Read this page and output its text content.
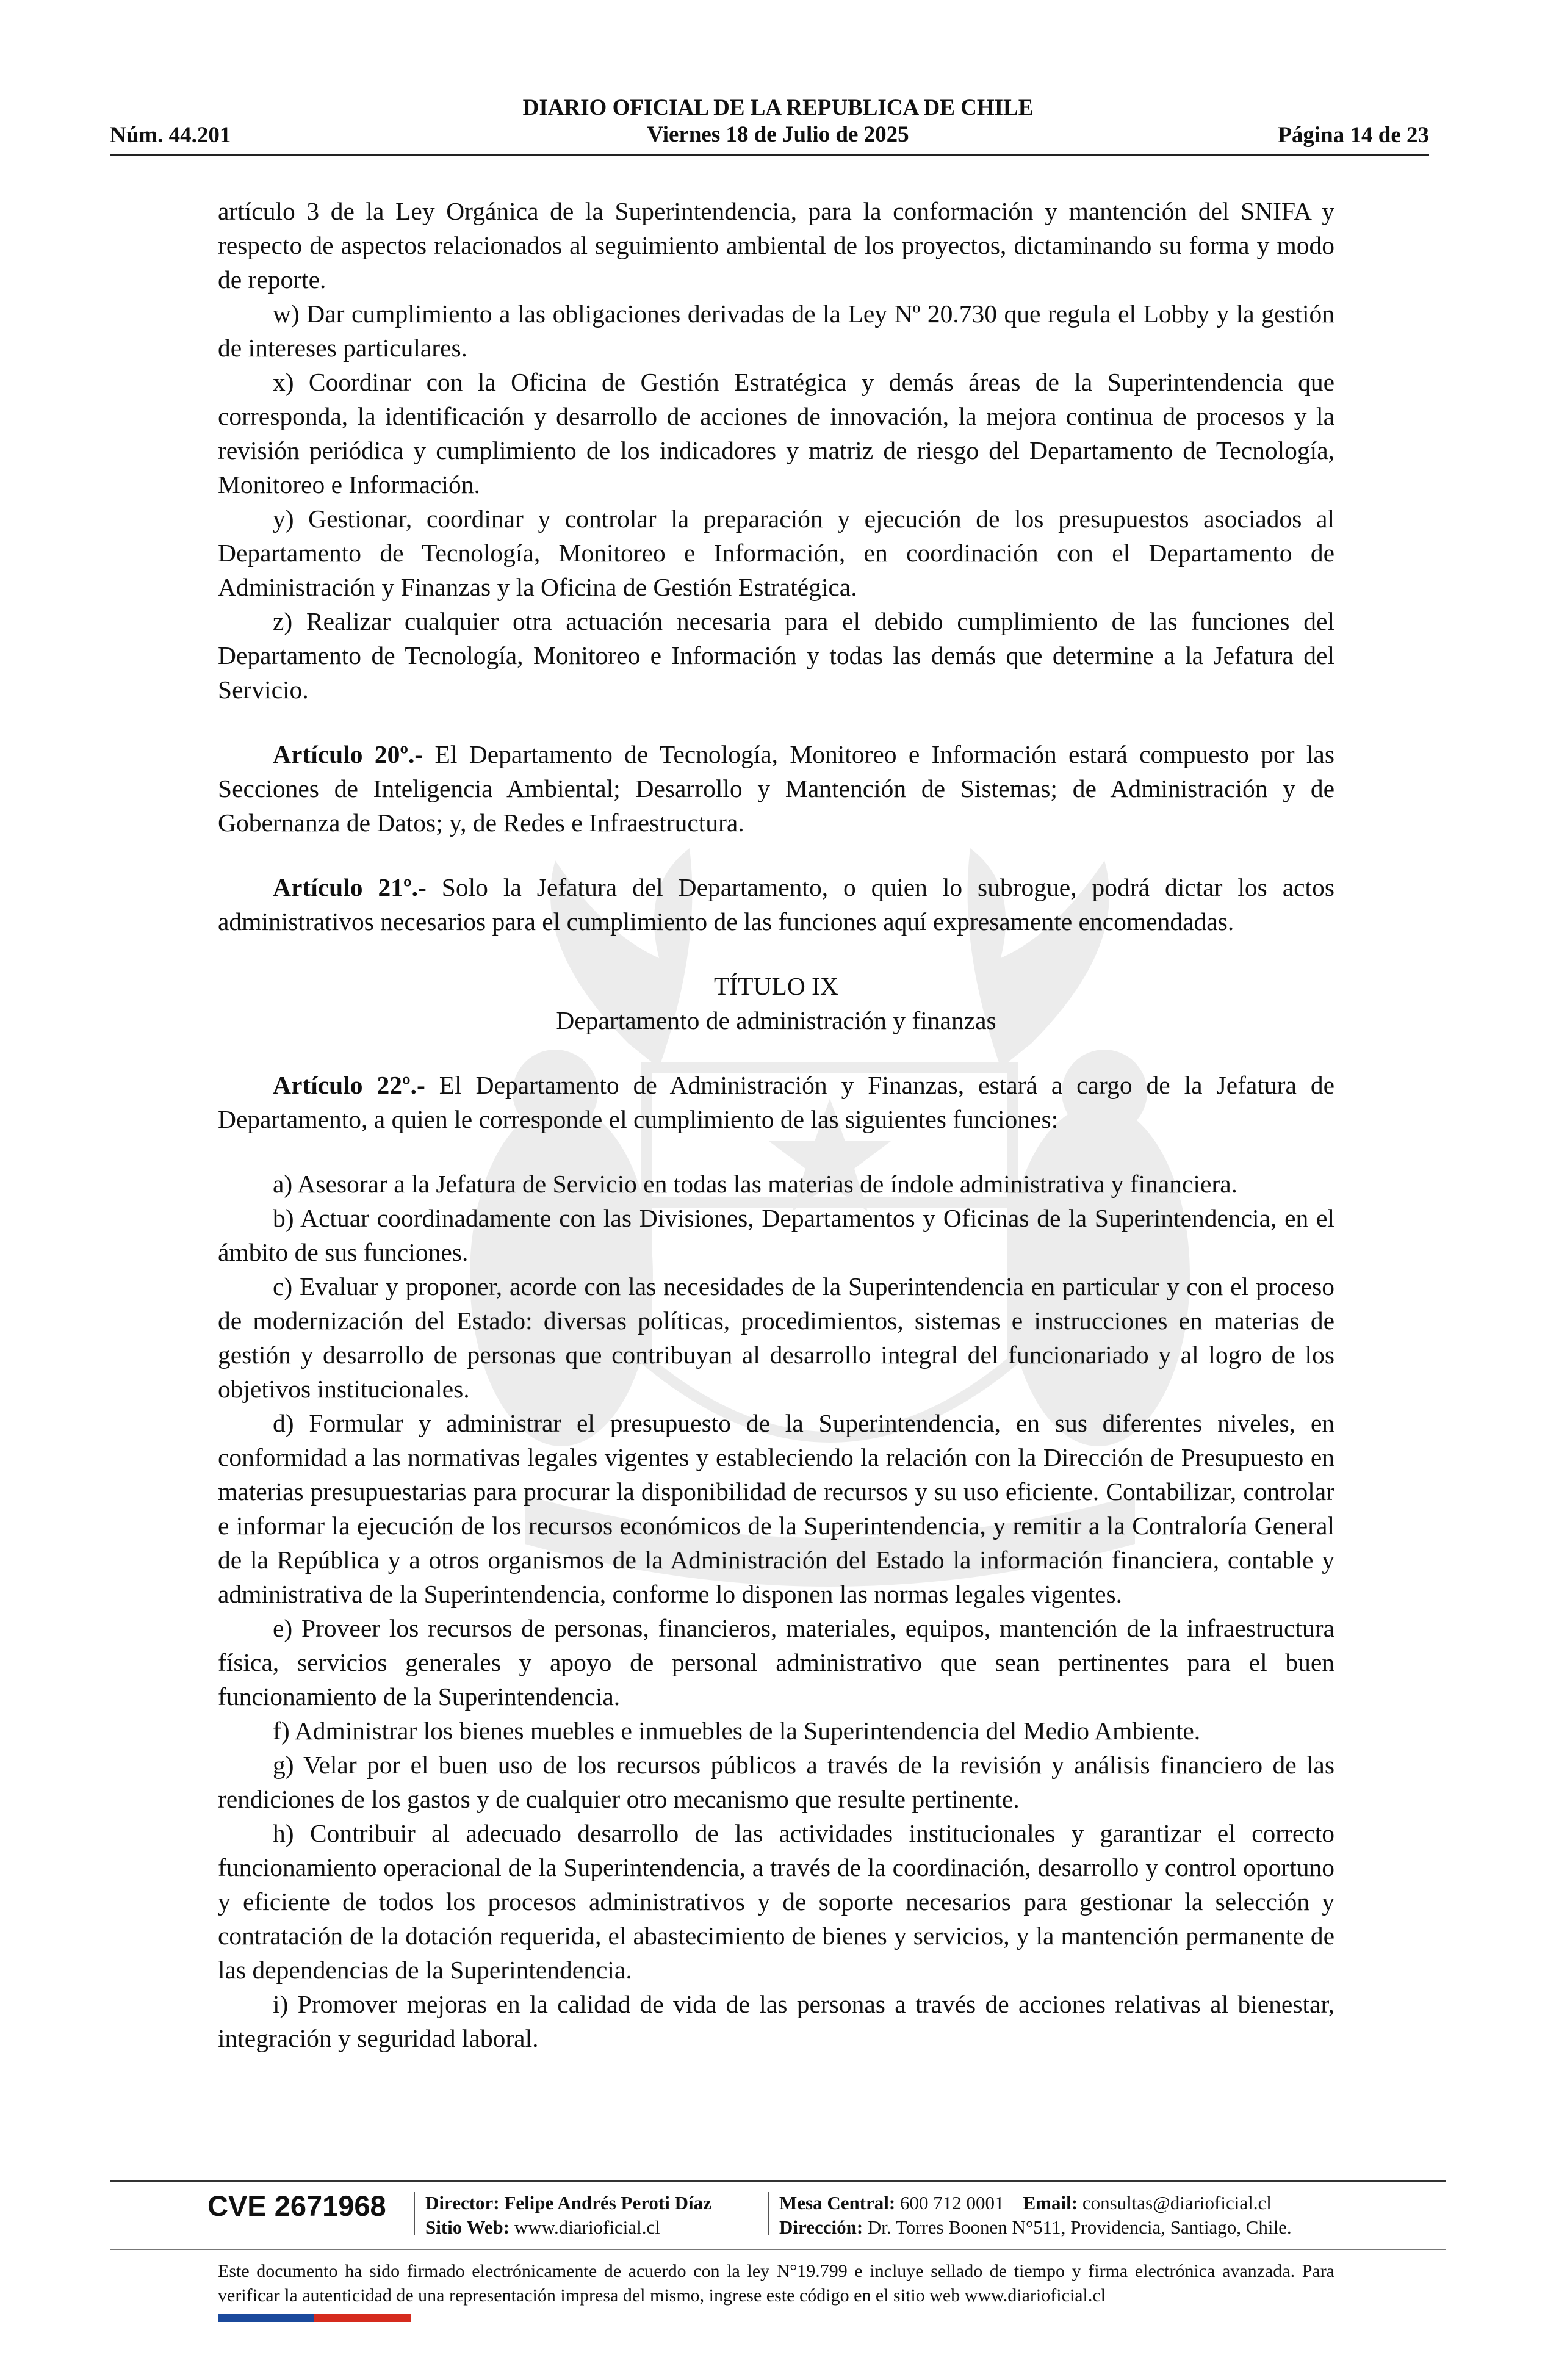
DIARIO OFICIAL DE LA REPUBLICA DE CHILE
Núm. 44.201	Viernes 18 de Julio de 2025	Página 14 de 23

artículo 3 de la Ley Orgánica de la Superintendencia, para la conformación y mantención del SNIFA y respecto de aspectos relacionados al seguimiento ambiental de los proyectos, dictaminando su forma y modo de reporte.

w) Dar cumplimiento a las obligaciones derivadas de la Ley Nº 20.730 que regula el Lobby y la gestión de intereses particulares.

x) Coordinar con la Oficina de Gestión Estratégica y demás áreas de la Superintendencia que corresponda, la identificación y desarrollo de acciones de innovación, la mejora continua de procesos y la revisión periódica y cumplimiento de los indicadores y matriz de riesgo del Departamento de Tecnología, Monitoreo e Información.

y) Gestionar, coordinar y controlar la preparación y ejecución de los presupuestos asociados al Departamento de Tecnología, Monitoreo e Información, en coordinación con el Departamento de Administración y Finanzas y la Oficina de Gestión Estratégica.

z) Realizar cualquier otra actuación necesaria para el debido cumplimiento de las funciones del Departamento de Tecnología, Monitoreo e Información y todas las demás que determine a la Jefatura del Servicio.

Artículo 20º.- El Departamento de Tecnología, Monitoreo e Información estará compuesto por las Secciones de Inteligencia Ambiental; Desarrollo y Mantención de Sistemas; de Administración y de Gobernanza de Datos; y, de Redes e Infraestructura.

Artículo 21º.- Solo la Jefatura del Departamento, o quien lo subrogue, podrá dictar los actos administrativos necesarios para el cumplimiento de las funciones aquí expresamente encomendadas.

TÍTULO IX

Departamento de administración y finanzas

Artículo 22º.- El Departamento de Administración y Finanzas, estará a cargo de la Jefatura de Departamento, a quien le corresponde el cumplimiento de las siguientes funciones:

a) Asesorar a la Jefatura de Servicio en todas las materias de índole administrativa y financiera.

b) Actuar coordinadamente con las Divisiones, Departamentos y Oficinas de la Superintendencia, en el ámbito de sus funciones.

c) Evaluar y proponer, acorde con las necesidades de la Superintendencia en particular y con el proceso de modernización del Estado: diversas políticas, procedimientos, sistemas e instrucciones en materias de gestión y desarrollo de personas que contribuyan al desarrollo integral del funcionariado y al logro de los objetivos institucionales.

d) Formular y administrar el presupuesto de la Superintendencia, en sus diferentes niveles, en conformidad a las normativas legales vigentes y estableciendo la relación con la Dirección de Presupuesto en materias presupuestarias para procurar la disponibilidad de recursos y su uso eficiente. Contabilizar, controlar e informar la ejecución de los recursos económicos de la Superintendencia, y remitir a la Contraloría General de la República y a otros organismos de la Administración del Estado la información financiera, contable y administrativa de la Superintendencia, conforme lo disponen las normas legales vigentes.

e) Proveer los recursos de personas, financieros, materiales, equipos, mantención de la infraestructura física, servicios generales y apoyo de personal administrativo que sean pertinentes para el buen funcionamiento de la Superintendencia.

f) Administrar los bienes muebles e inmuebles de la Superintendencia del Medio Ambiente.

g) Velar por el buen uso de los recursos públicos a través de la revisión y análisis financiero de las rendiciones de los gastos y de cualquier otro mecanismo que resulte pertinente.

h) Contribuir al adecuado desarrollo de las actividades institucionales y garantizar el correcto funcionamiento operacional de la Superintendencia, a través de la coordinación, desarrollo y control oportuno y eficiente de todos los procesos administrativos y de soporte necesarios para gestionar la selección y contratación de la dotación requerida, el abastecimiento de bienes y servicios, y la mantención permanente de las dependencias de la Superintendencia.

i) Promover mejoras en la calidad de vida de las personas a través de acciones relativas al bienestar, integración y seguridad laboral.

CVE 2671968 Director: Felipe Andrés Peroti Díaz
Sitio Web: www.diarioficial.cl
Mesa Central: 600 712 0001 Email: consultas@diarioficial.cl
Dirección: Dr. Torres Boonen N°511, Providencia, Santiago, Chile.
Este documento ha sido firmado electrónicamente de acuerdo con la ley N°19.799 e incluye sellado de tiempo y firma electrónica avanzada. Para verificar la autenticidad de una representación impresa del mismo, ingrese este código en el sitio web www.diarioficial.cl
